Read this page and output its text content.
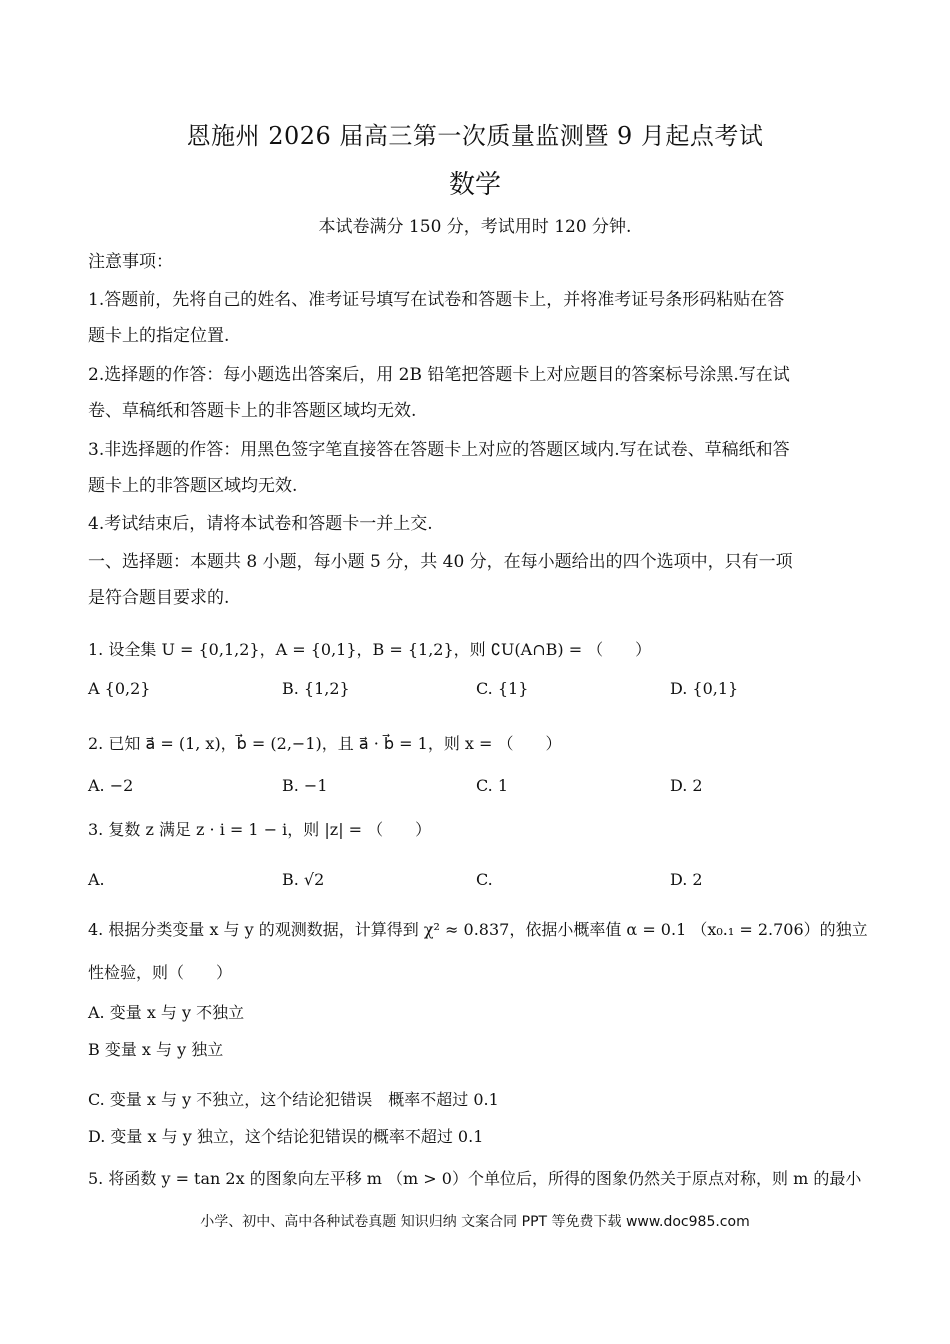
恩施州 2026 届高三第一次质量监测暨 9 月起点考试
数学
本试卷满分 150 分，考试用时 120 分钟.
注意事项：
1.答题前，先将自己的姓名、准考证号填写在试卷和答题卡上，并将准考证号条形码粘贴在答
题卡上的指定位置.
2.选择题的作答：每小题选出答案后，用 2B 铅笔把答题卡上对应题目的答案标号涂黑.写在试
卷、草稿纸和答题卡上的非答题区域均无效.
3.非选择题的作答：用黑色签字笔直接答在答题卡上对应的答题区域内.写在试卷、草稿纸和答
题卡上的非答题区域均无效.
4.考试结束后，请将本试卷和答题卡一并上交.
一、选择题：本题共 8 小题，每小题 5 分，共 40 分，在每小题给出的四个选项中，只有一项
是符合题目要求的.
1. 设全集 U = {0,1,2}，A = {0,1}，B = {1,2}，则 ∁U(A∩B) = （　　）
A {0,2}	B. {1,2}	C. {1}	D. {0,1}
2. 已知 a⃗ = (1, x)，b⃗ = (2,−1)，且 a⃗ · b⃗ = 1，则 x = （　　）
A. −2	B. −1	C. 1	D. 2
3. 复数 z 满足 z · i = 1 − i，则 |z| = （　　）
A.	B. √2	C.	D. 2
4. 根据分类变量 x 与 y 的观测数据，计算得到 χ² ≈ 0.837，依据小概率值 α = 0.1 （x₀.₁ = 2.706）的独立
性检验，则（　　）
A. 变量 x 与 y 不独立
B 变量 x 与 y 独立
C. 变量 x 与 y 不独立，这个结论犯错误　概率不超过 0.1
D. 变量 x 与 y 独立，这个结论犯错误的概率不超过 0.1
5. 将函数 y = tan 2x 的图象向左平移 m （m > 0）个单位后，所得的图象仍然关于原点对称，则 m 的最小
小学、初中、高中各种试卷真题 知识归纳 文案合同 PPT 等免费下载 www.doc985.com
